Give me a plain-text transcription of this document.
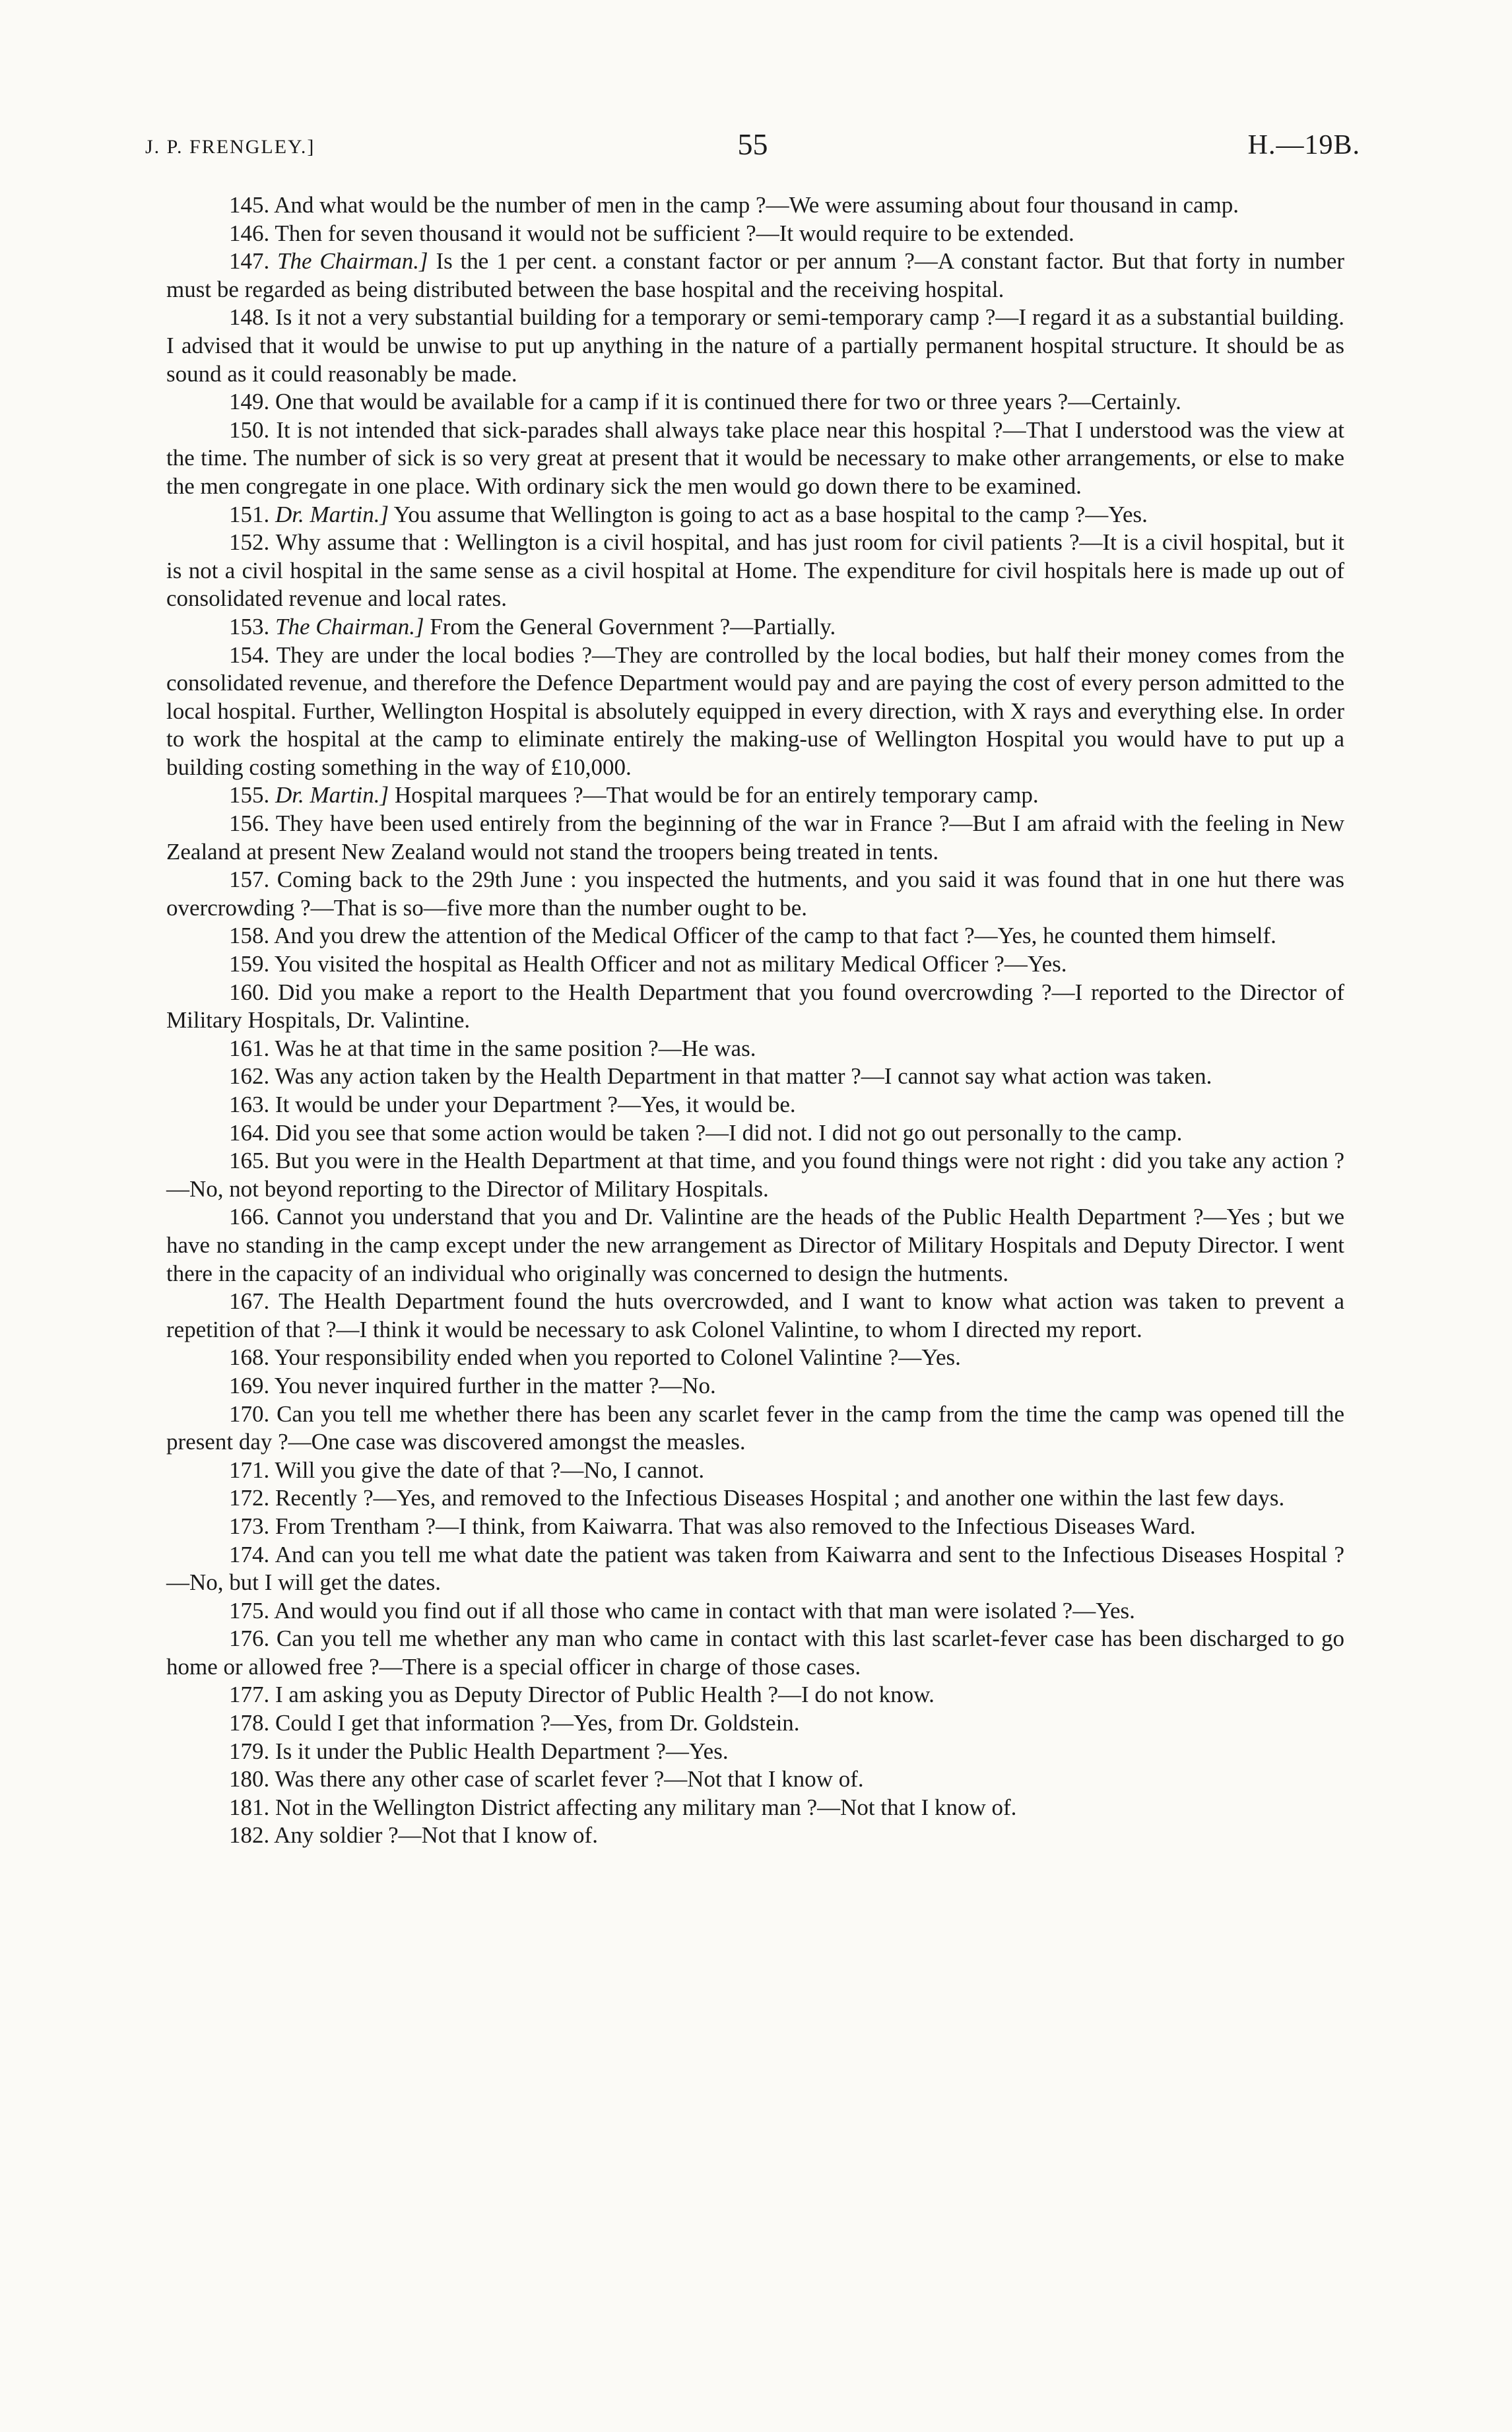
J. P. FRENGLEY.]	55	H.—19B.

145. And what would be the number of men in the camp ?—We were assuming about four thousand in camp.

146. Then for seven thousand it would not be sufficient ?—It would require to be extended.

147. The Chairman.] Is the 1 per cent. a constant factor or per annum ?—A constant factor. But that forty in number must be regarded as being distributed between the base hospital and the receiving hospital.

148. Is it not a very substantial building for a temporary or semi-temporary camp ?—I regard it as a substantial building. I advised that it would be unwise to put up anything in the nature of a partially permanent hospital structure. It should be as sound as it could reasonably be made.

149. One that would be available for a camp if it is continued there for two or three years ?—Certainly.

150. It is not intended that sick-parades shall always take place near this hospital ?—That I understood was the view at the time. The number of sick is so very great at present that it would be necessary to make other arrangements, or else to make the men congregate in one place. With ordinary sick the men would go down there to be examined.

151. Dr. Martin.] You assume that Wellington is going to act as a base hospital to the camp ?—Yes.

152. Why assume that : Wellington is a civil hospital, and has just room for civil patients ?—It is a civil hospital, but it is not a civil hospital in the same sense as a civil hospital at Home. The expenditure for civil hospitals here is made up out of consolidated revenue and local rates.

153. The Chairman.] From the General Government ?—Partially.

154. They are under the local bodies ?—They are controlled by the local bodies, but half their money comes from the consolidated revenue, and therefore the Defence Department would pay and are paying the cost of every person admitted to the local hospital. Further, Wellington Hospital is absolutely equipped in every direction, with X rays and everything else. In order to work the hospital at the camp to eliminate entirely the making-use of Wellington Hospital you would have to put up a building costing something in the way of £10,000.

155. Dr. Martin.] Hospital marquees ?—That would be for an entirely temporary camp.

156. They have been used entirely from the beginning of the war in France ?—But I am afraid with the feeling in New Zealand at present New Zealand would not stand the troopers being treated in tents.

157. Coming back to the 29th June : you inspected the hutments, and you said it was found that in one hut there was overcrowding ?—That is so—five more than the number ought to be.

158. And you drew the attention of the Medical Officer of the camp to that fact ?—Yes, he counted them himself.

159. You visited the hospital as Health Officer and not as military Medical Officer ?—Yes.

160. Did you make a report to the Health Department that you found overcrowding ?—I reported to the Director of Military Hospitals, Dr. Valintine.

161. Was he at that time in the same position ?—He was.

162. Was any action taken by the Health Department in that matter ?—I cannot say what action was taken.

163. It would be under your Department ?—Yes, it would be.

164. Did you see that some action would be taken ?—I did not. I did not go out personally to the camp.

165. But you were in the Health Department at that time, and you found things were not right : did you take any action ?—No, not beyond reporting to the Director of Military Hospitals.

166. Cannot you understand that you and Dr. Valintine are the heads of the Public Health Department ?—Yes ; but we have no standing in the camp except under the new arrangement as Director of Military Hospitals and Deputy Director. I went there in the capacity of an individual who originally was concerned to design the hutments.

167. The Health Department found the huts overcrowded, and I want to know what action was taken to prevent a repetition of that ?—I think it would be necessary to ask Colonel Valintine, to whom I directed my report.

168. Your responsibility ended when you reported to Colonel Valintine ?—Yes.

169. You never inquired further in the matter ?—No.

170. Can you tell me whether there has been any scarlet fever in the camp from the time the camp was opened till the present day ?—One case was discovered amongst the measles.

171. Will you give the date of that ?—No, I cannot.

172. Recently ?—Yes, and removed to the Infectious Diseases Hospital ; and another one within the last few days.

173. From Trentham ?—I think, from Kaiwarra. That was also removed to the Infectious Diseases Ward.

174. And can you tell me what date the patient was taken from Kaiwarra and sent to the Infectious Diseases Hospital ?—No, but I will get the dates.

175. And would you find out if all those who came in contact with that man were isolated ?—Yes.

176. Can you tell me whether any man who came in contact with this last scarlet-fever case has been discharged to go home or allowed free ?—There is a special officer in charge of those cases.

177. I am asking you as Deputy Director of Public Health ?—I do not know.

178. Could I get that information ?—Yes, from Dr. Goldstein.

179. Is it under the Public Health Department ?—Yes.

180. Was there any other case of scarlet fever ?—Not that I know of.

181. Not in the Wellington District affecting any military man ?—Not that I know of.

182. Any soldier ?—Not that I know of.
